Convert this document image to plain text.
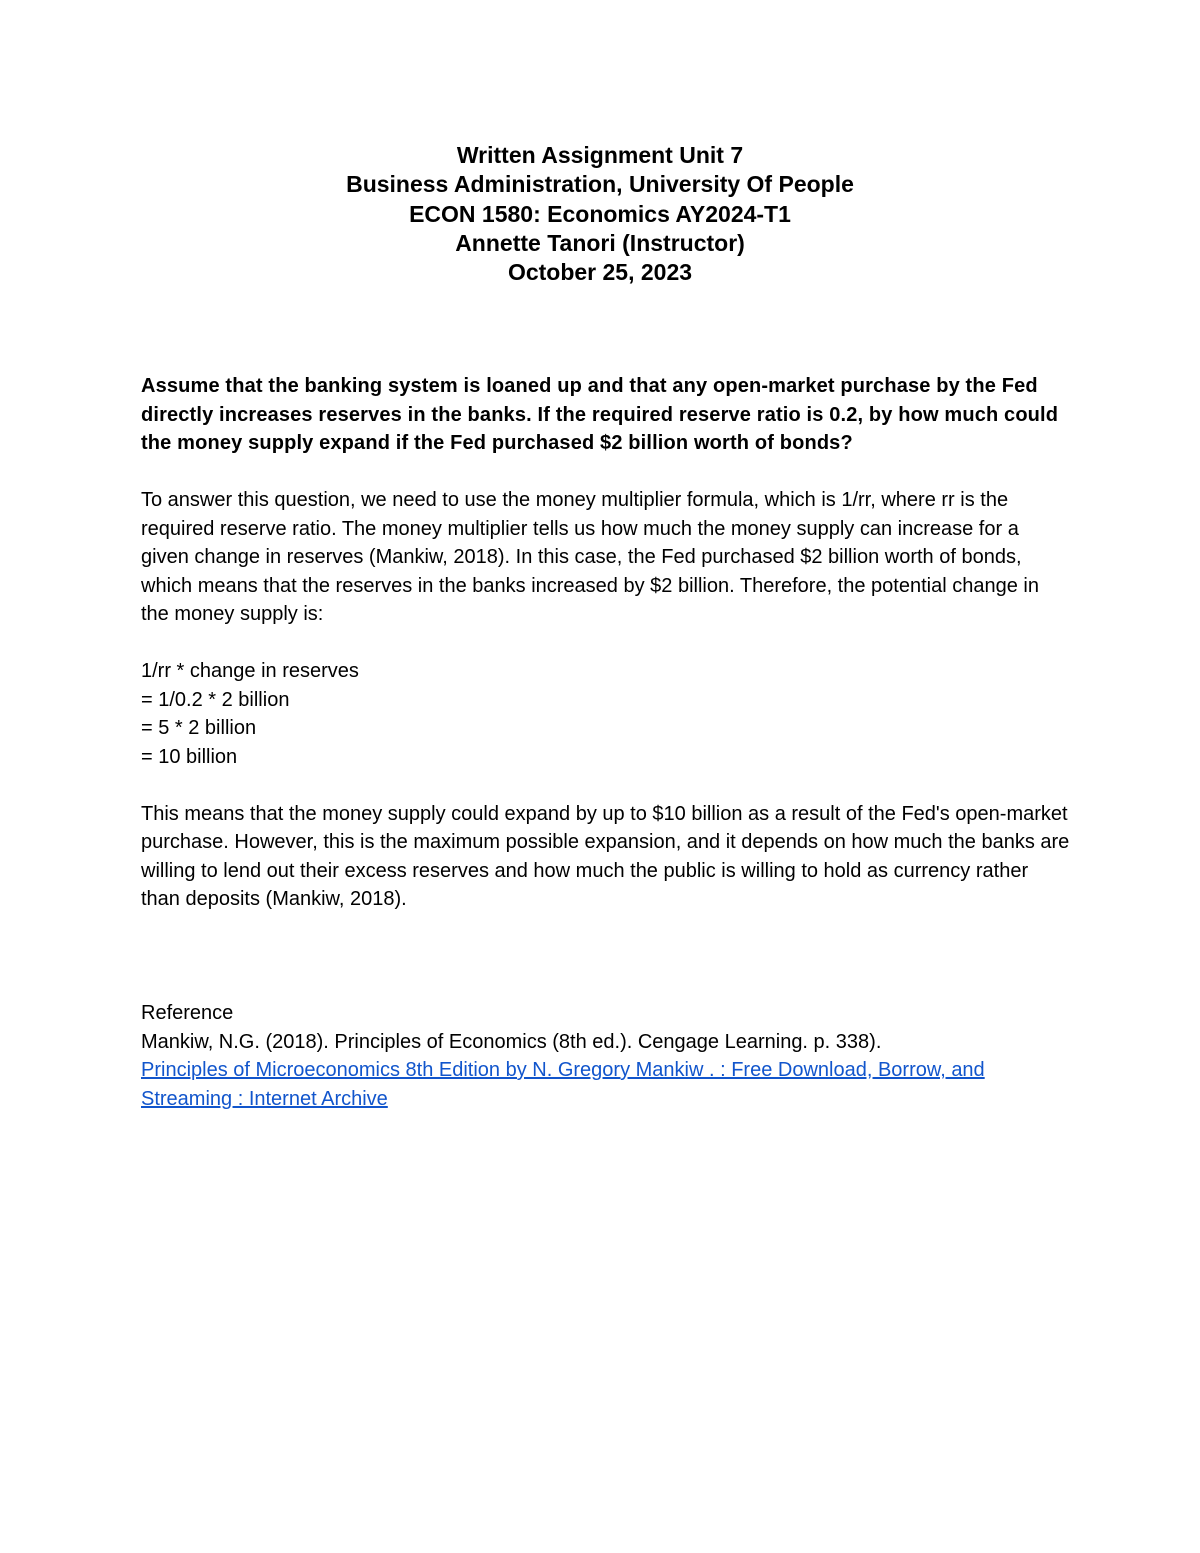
Written Assignment Unit 7
Business Administration, University Of People
ECON 1580: Economics AY2024-T1
Annette Tanori (Instructor)
October 25, 2023

Assume that the banking system is loaned up and that any open-market purchase by the Fed directly increases reserves in the banks. If the required reserve ratio is 0.2, by how much could the money supply expand if the Fed purchased $2 billion worth of bonds?

To answer this question, we need to use the money multiplier formula, which is 1/rr, where rr is the required reserve ratio. The money multiplier tells us how much the money supply can increase for a given change in reserves (Mankiw, 2018). In this case, the Fed purchased $2 billion worth of bonds, which means that the reserves in the banks increased by $2 billion. Therefore, the potential change in the money supply is:

1/rr * change in reserves
= 1/0.2 * 2 billion
= 5 * 2 billion
= 10 billion

This means that the money supply could expand by up to $10 billion as a result of the Fed's open-market purchase. However, this is the maximum possible expansion, and it depends on how much the banks are willing to lend out their excess reserves and how much the public is willing to hold as currency rather than deposits (Mankiw, 2018).

Reference
Mankiw, N.G. (2018). Principles of Economics (8th ed.). Cengage Learning. p. 338).
Principles of Microeconomics 8th Edition by N. Gregory Mankiw . : Free Download, Borrow, and Streaming : Internet Archive
